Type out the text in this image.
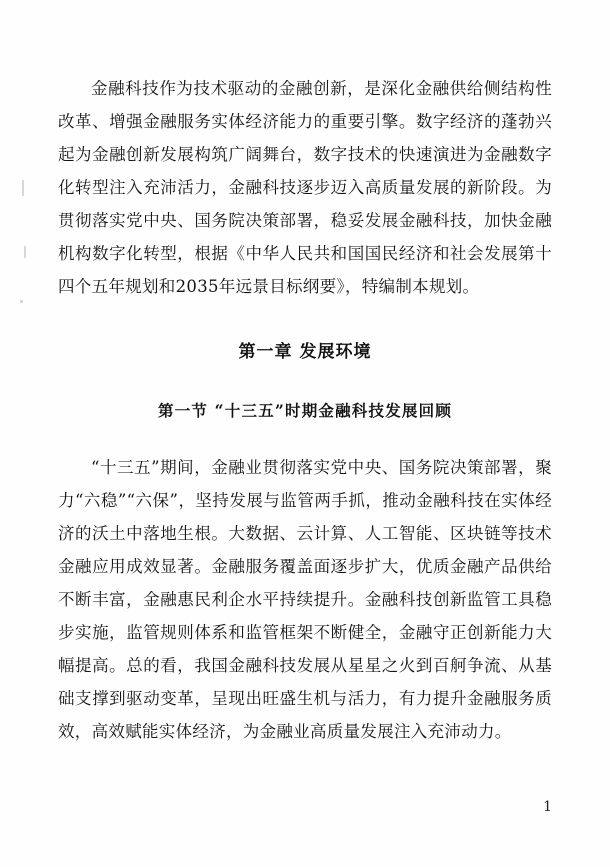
金融科技作为技术驱动的金融创新，是深化金融供给侧结构性改革、增强金融服务实体经济能力的重要引擎。数字经济的蓬勃兴起为金融创新发展构筑广阔舞台，数字技术的快速演进为金融数字化转型注入充沛活力，金融科技逐步迈入高质量发展的新阶段。为贯彻落实党中央、国务院决策部署，稳妥发展金融科技，加快金融机构数字化转型，根据《中华人民共和国国民经济和社会发展第十四个五年规划和2035年远景目标纲要》，特编制本规划。

第一章 发展环境
第一节 “十三五”时期金融科技发展回顾

“十三五”期间，金融业贯彻落实党中央、国务院决策部署，聚力“六稳”“六保”，坚持发展与监管两手抓，推动金融科技在实体经济的沃土中落地生根。大数据、云计算、人工智能、区块链等技术金融应用成效显著。金融服务覆盖面逐步扩大，优质金融产品供给不断丰富，金融惠民利企水平持续提升。金融科技创新监管工具稳步实施，监管规则体系和监管框架不断健全，金融守正创新能力大幅提高。总的看，我国金融科技发展从星星之火到百舸争流、从基础支撑到驱动变革，呈现出旺盛生机与活力，有力提升金融服务质效，高效赋能实体经济，为金融业高质量发展注入充沛动力。

1
